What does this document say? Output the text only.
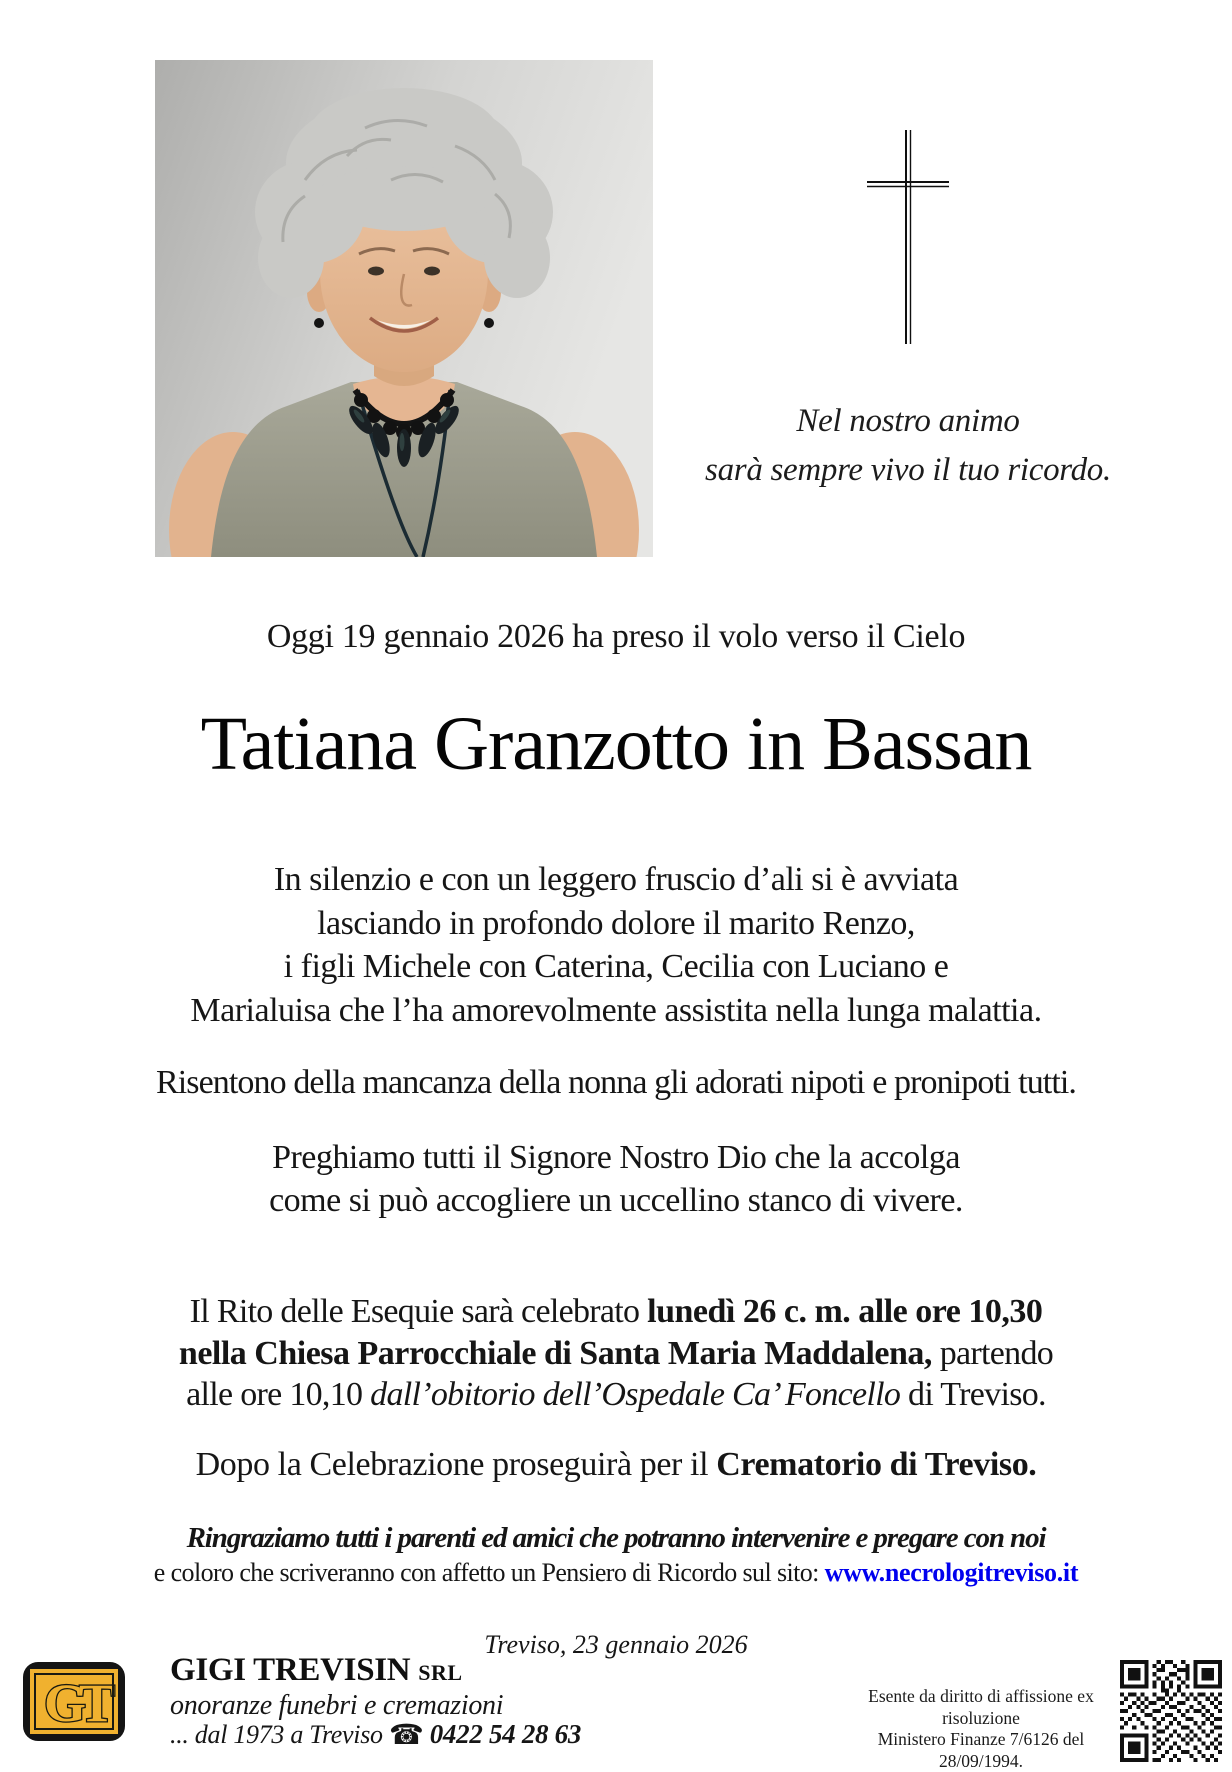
Nel nostro animo
sarà sempre vivo il tuo ricordo.
Oggi 19 gennaio 2026 ha preso il volo verso il Cielo
Tatiana Granzotto in Bassan
In silenzio e con un leggero fruscio d’ali si è avviata
lasciando in profondo dolore il marito Renzo,
i figli Michele con Caterina, Cecilia con Luciano e
Marialuisa che l’ha amorevolmente assistita nella lunga malattia.
Risentono della mancanza della nonna gli adorati nipoti e pronipoti tutti.
Preghiamo tutti il Signore Nostro Dio che la accolga
come si può accogliere un uccellino stanco di vivere.
Il Rito delle Esequie sarà celebrato lunedì 26 c. m. alle ore 10,30
nella Chiesa Parrocchiale di Santa Maria Maddalena, partendo
alle ore 10,10 dall’obitorio dell’Ospedale Ca’ Foncello di Treviso.
Dopo la Celebrazione proseguirà per il Crematorio di Treviso.
Ringraziamo tutti i parenti ed amici che potranno intervenire e pregare con noi
e coloro che scriveranno con affetto un Pensiero di Ricordo sul sito: www.necrologitreviso.it
Treviso, 23 gennaio 2026
GT
GIGI TREVISIN SRL
onoranze funebri e cremazioni
... dal 1973 a Treviso ☎ 0422 54 28 63
Esente da diritto di affissione ex risoluzione
Ministero Finanze 7/6126 del 28/09/1994.
